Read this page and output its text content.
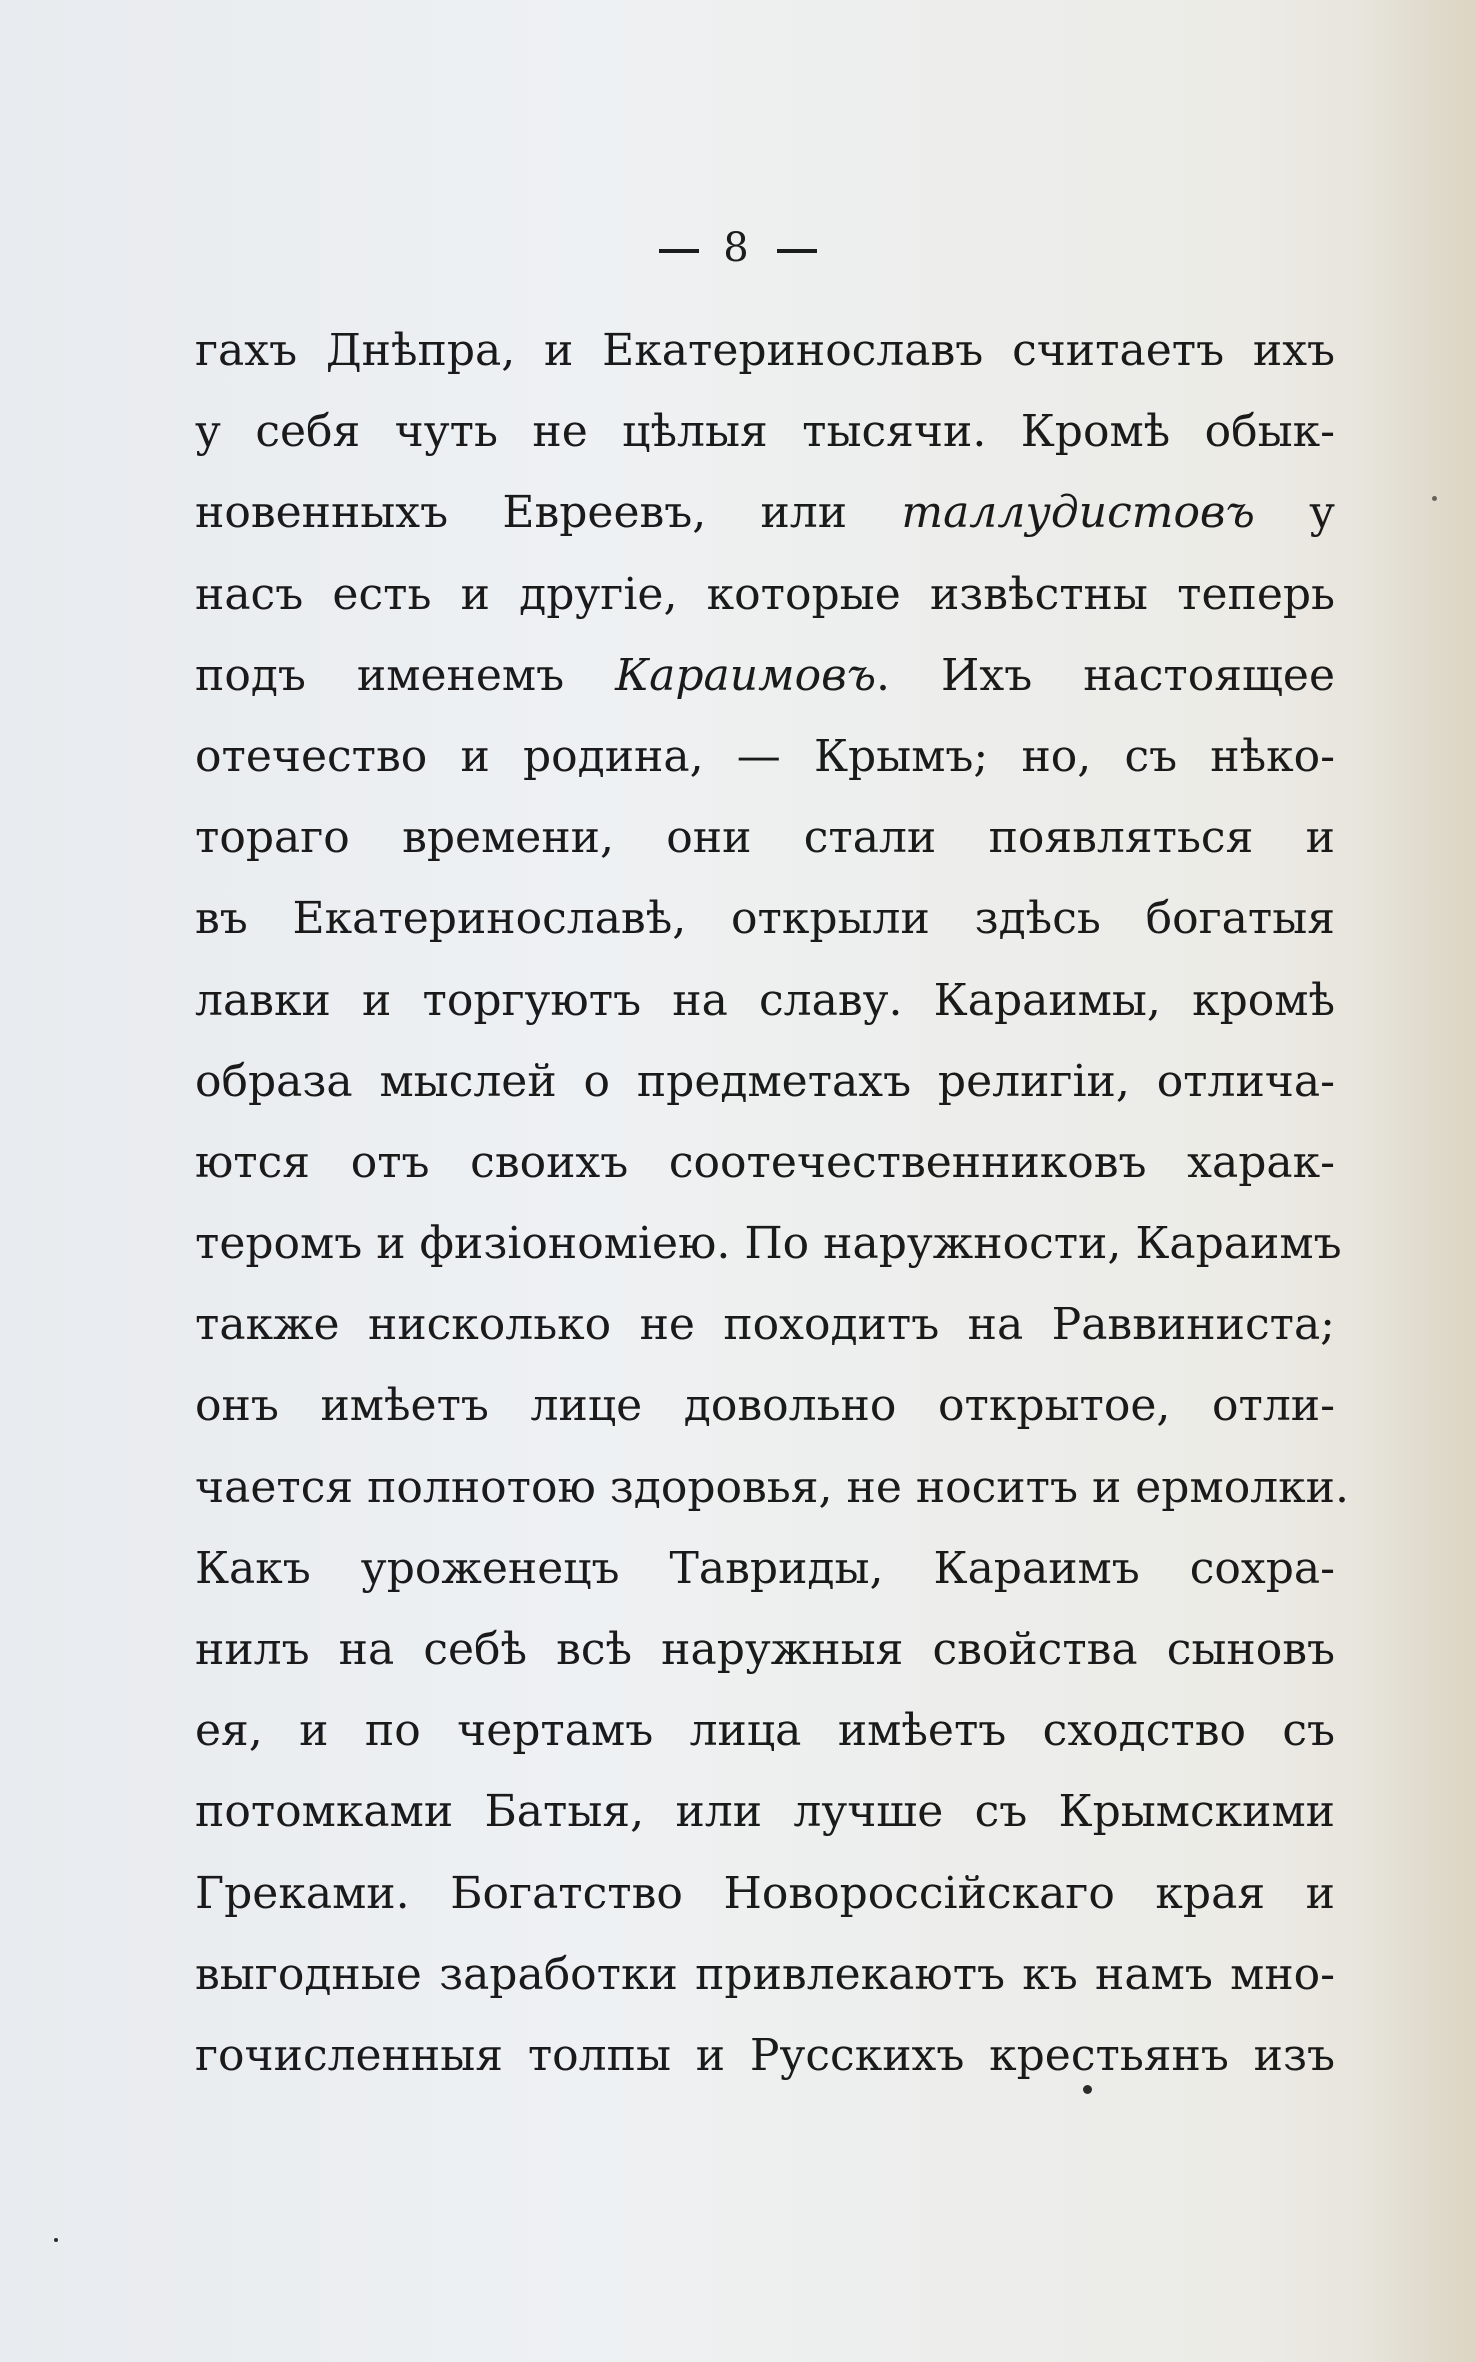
8
гахъ Днѣпра, и Екатеринославъ считаетъ ихъ
у себя чуть не цѣлыя тысячи. Кромѣ обык-
новенныхъ Евреевъ, или таллудистовъ у
насъ есть и другіе, которые извѣстны теперь
подъ именемъ Караимовъ. Ихъ настоящее
отечество и родина, — Крымъ; но, съ нѣко-
тораго времени, они стали появляться и
въ Екатеринославѣ, открыли здѣсь богатыя
лавки и торгуютъ на славу. Караимы, кромѣ
образа мыслей о предметахъ религіи, отлича-
ются отъ своихъ соотечественниковъ харак-
теромъ и физіономіею. По наружности, Караимъ
также нисколько не походитъ на Раввиниста;
онъ имѣетъ лице довольно открытое, отли-
чается полнотою здоровья, не носитъ и ермолки.
Какъ уроженецъ Тавриды, Караимъ сохра-
нилъ на себѣ всѣ наружныя свойства сыновъ
ея, и по чертамъ лица имѣетъ сходство съ
потомками Батыя, или лучше съ Крымскими
Греками. Богатство Новороссійскаго края и
выгодные заработки привлекаютъ къ намъ мно-
гочисленныя толпы и Русскихъ крестьянъ изъ
